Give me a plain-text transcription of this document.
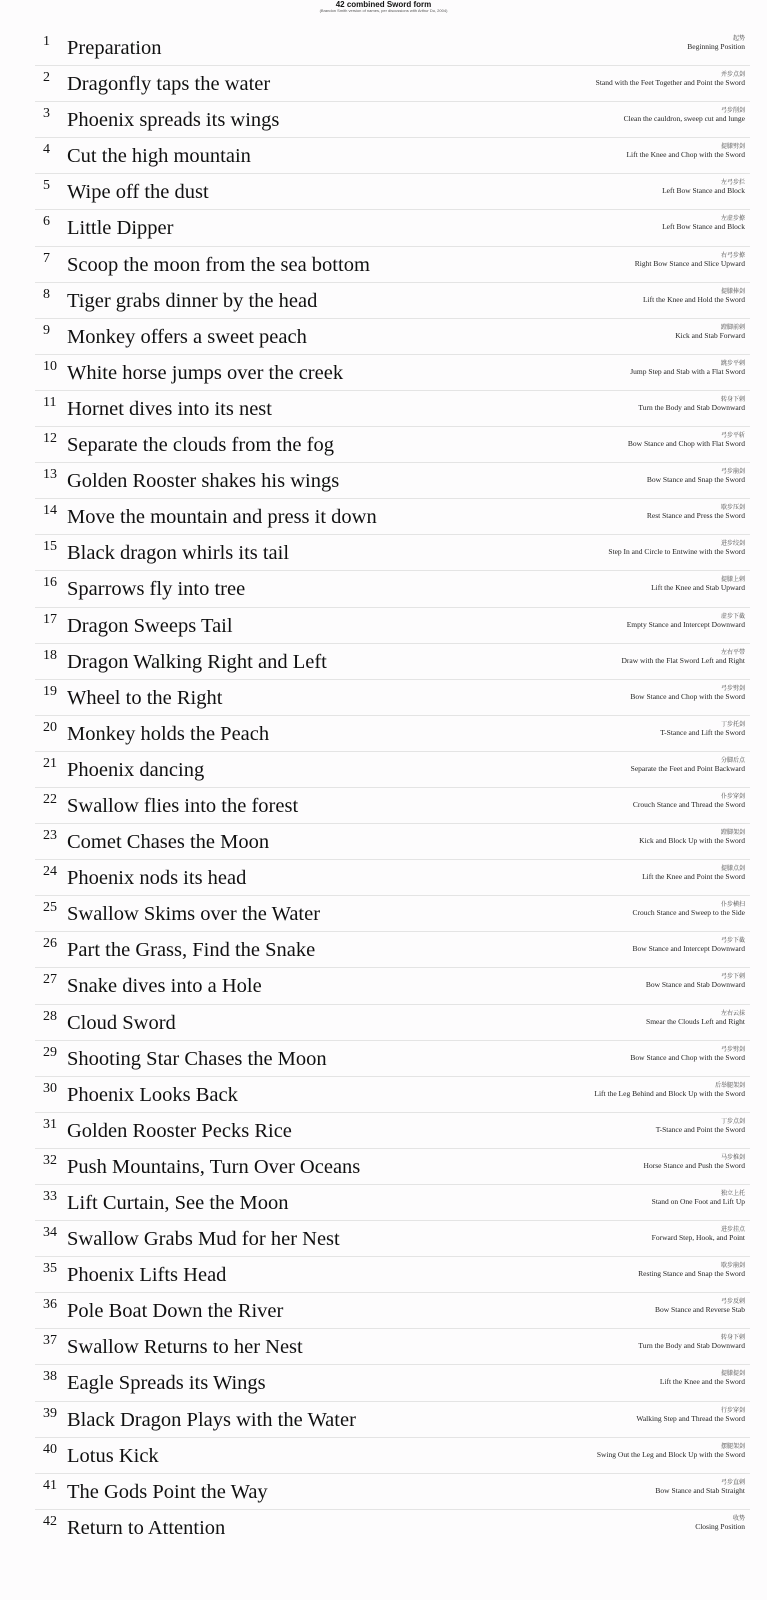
42 combined Sword form
(Brandon Smith version of names, per discussions with Arthur Du, 2004)
1 Preparation	起势
Beginning Position
2 Dragonfly taps the water	并步点剑
Stand with the Feet Together and Point the Sword
3 Phoenix spreads its wings	弓步削剑
Clean the cauldron, sweep cut and lunge
4 Cut the high mountain	提膝劈剑
Lift the Knee and Chop with the Sword
5 Wipe off the dust	左弓步拦
Left Bow Stance and Block
6 Little Dipper	左虚步撩
Left Bow Stance and Block
7 Scoop the moon from the sea bottom	右弓步撩
Right Bow Stance and Slice Upward
8 Tiger grabs dinner by the head	提膝捧剑
Lift the Knee and Hold the Sword
9 Monkey offers a sweet peach	蹬脚前刺
Kick and Stab Forward
10 White horse jumps over the creek	跳步平刺
Jump Step and Stab with a Flat Sword
11 Hornet dives into its nest	转身下刺
Turn the Body and Stab Downward
12 Separate the clouds from the fog	弓步平斩
Bow Stance and Chop with Flat Sword
13 Golden Rooster shakes his wings	弓步崩剑
Bow Stance and Snap the Sword
14 Move the mountain and press it down	歇步压剑
Rest Stance and Press the Sword
15 Black dragon whirls its tail	进步绞剑
Step In and Circle to Entwine with the Sword
16 Sparrows fly into tree	提膝上刺
Lift the Knee and Stab Upward
17 Dragon Sweeps Tail	虚步下截
Empty Stance and Intercept Downward
18 Dragon Walking Right and Left	左右平带
Draw with the Flat Sword Left and Right
19 Wheel to the Right	弓步劈剑
Bow Stance and Chop with the Sword
20 Monkey holds the Peach	丁步托剑
T-Stance and Lift the Sword
21 Phoenix dancing	分脚后点
Separate the Feet and Point Backward
22 Swallow flies into the forest	仆步穿剑
Crouch Stance and Thread the Sword
23 Comet Chases the Moon	蹬脚架剑
Kick and Block Up with the Sword
24 Phoenix nods its head	提膝点剑
Lift the Knee and Point the Sword
25 Swallow Skims over the Water	仆步横扫
Crouch Stance and Sweep to the Side
26 Part the Grass, Find the Snake	弓步下截
Bow Stance and Intercept Downward
27 Snake dives into a Hole	弓步下刺
Bow Stance and Stab Downward
28 Cloud Sword	左右云抹
Smear the Clouds Left and Right
29 Shooting Star Chases the Moon	弓步劈剑
Bow Stance and Chop with the Sword
30 Phoenix Looks Back	后举腿架剑
Lift the Leg Behind and Block Up with the Sword
31 Golden Rooster Pecks Rice	丁步点剑
T-Stance and Point the Sword
32 Push Mountains, Turn Over Oceans	马步推剑
Horse Stance and Push the Sword
33 Lift Curtain, See the Moon	独立上托
Stand on One Foot and Lift Up
34 Swallow Grabs Mud for her Nest	进步挂点
Forward Step, Hook, and Point
35 Phoenix Lifts Head	歇步崩剑
Resting Stance and Snap the Sword
36 Pole Boat Down the River	弓步反刺
Bow Stance and Reverse Stab
37 Swallow Returns to her Nest	转身下刺
Turn the Body and Stab Downward
38 Eagle Spreads its Wings	提膝提剑
Lift the Knee and the Sword
39 Black Dragon Plays with the Water	行步穿剑
Walking Step and Thread the Sword
40 Lotus Kick	摆腿架剑
Swing Out the Leg and Block Up with the Sword
41 The Gods Point the Way	弓步直刺
Bow Stance and Stab Straight
42 Return to Attention	收势
Closing Position
